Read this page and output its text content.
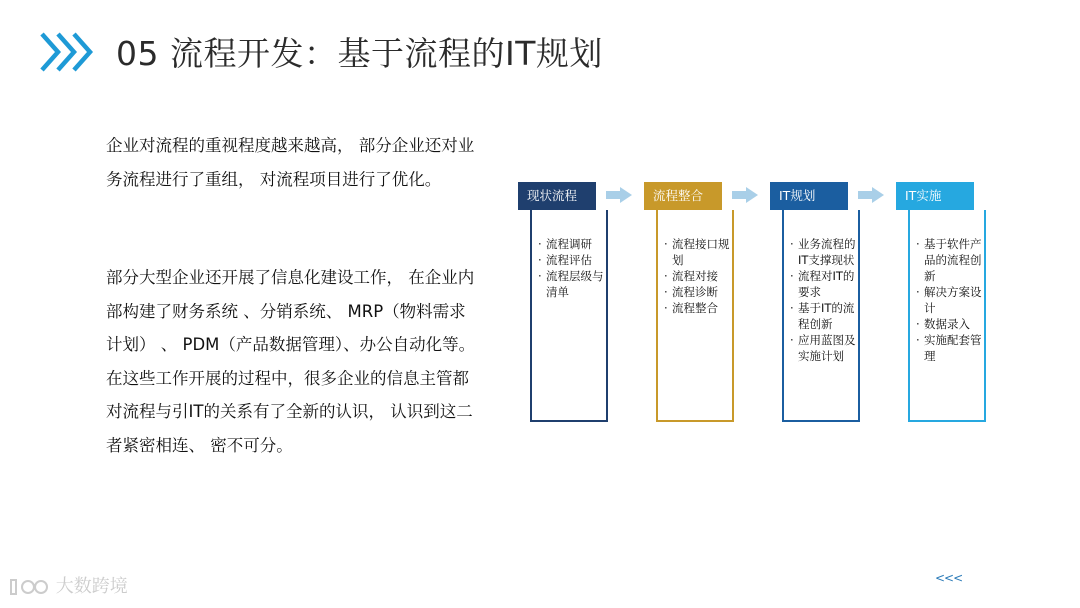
05 流程开发：基于流程的IT规划
企业对流程的重视程度越来越高， 部分企业还对业务流程进行了重组， 对流程项目进行了优化。
部分大型企业还开展了信息化建设工作， 在企业内部构建了财务系统 、分销系统、 MRP（物料需求计划） 、 PDM（产品数据管理）、办公自动化等。 在这些工作开展的过程中，很多企业的信息主管都对流程与引IT的关系有了全新的认识， 认识到这二者紧密相连、 密不可分。
现状流程
· 流程调研
· 流程评估
· 流程层级与清单
流程整合
· 流程接口规划
· 流程对接
· 流程诊断
· 流程整合
IT规划
· 业务流程的IT支撑现状
· 流程对IT的要求
· 基于IT的流程创新
· 应用蓝图及实施计划
IT实施
· 基于软件产品的流程创新
· 解决方案设计
· 数据录入
· 实施配套管理
<<<
大数跨境
